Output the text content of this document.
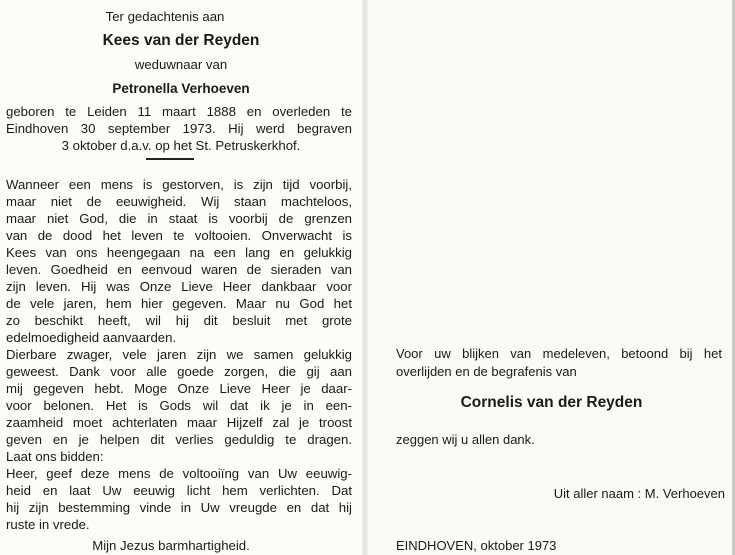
Ter gedachtenis aan
Kees van der Reyden
weduwnaar van
Petronella Verhoeven
geboren te Leiden 11 maart 1888 en overleden te
Eindhoven 30 september 1973. Hij werd begraven
3 oktober d.a.v. op het St. Petruskerkhof.
Wanneer een mens is gestorven, is zijn tijd voorbij,
maar niet de eeuwigheid. Wij staan machteloos,
maar niet God, die in staat is voorbij de grenzen
van de dood het leven te voltooien. Onverwacht is
Kees van ons heengegaan na een lang en gelukkig
leven. Goedheid en eenvoud waren de sieraden van
zijn leven. Hij was Onze Lieve Heer dankbaar voor
de vele jaren, hem hier gegeven. Maar nu God het
zo beschikt heeft, wil hij dit besluit met grote
edelmoedigheid aanvaarden.
Dierbare zwager, vele jaren zijn we samen gelukkig
geweest. Dank voor alle goede zorgen, die gij aan
mij gegeven hebt. Moge Onze Lieve Heer je daar-
voor belonen. Het is Gods wil dat ik je in een-
zaamheid moet achterlaten maar Hijzelf zal je troost
geven en je helpen dit verlies geduldig te dragen.
Laat ons bidden:
Heer, geef deze mens de voltooiïng van Uw eeuwig-
heid en laat Uw eeuwig licht hem verlichten. Dat
hij zijn bestemming vinde in Uw vreugde en dat hij
ruste in vrede.
Mijn Jezus barmhartigheid.
Voor uw blijken van medeleven, betoond bij het
overlijden en de begrafenis van
Cornelis van der Reyden
zeggen wij u allen dank.
Uit aller naam : M. Verhoeven
EINDHOVEN, oktober 1973
